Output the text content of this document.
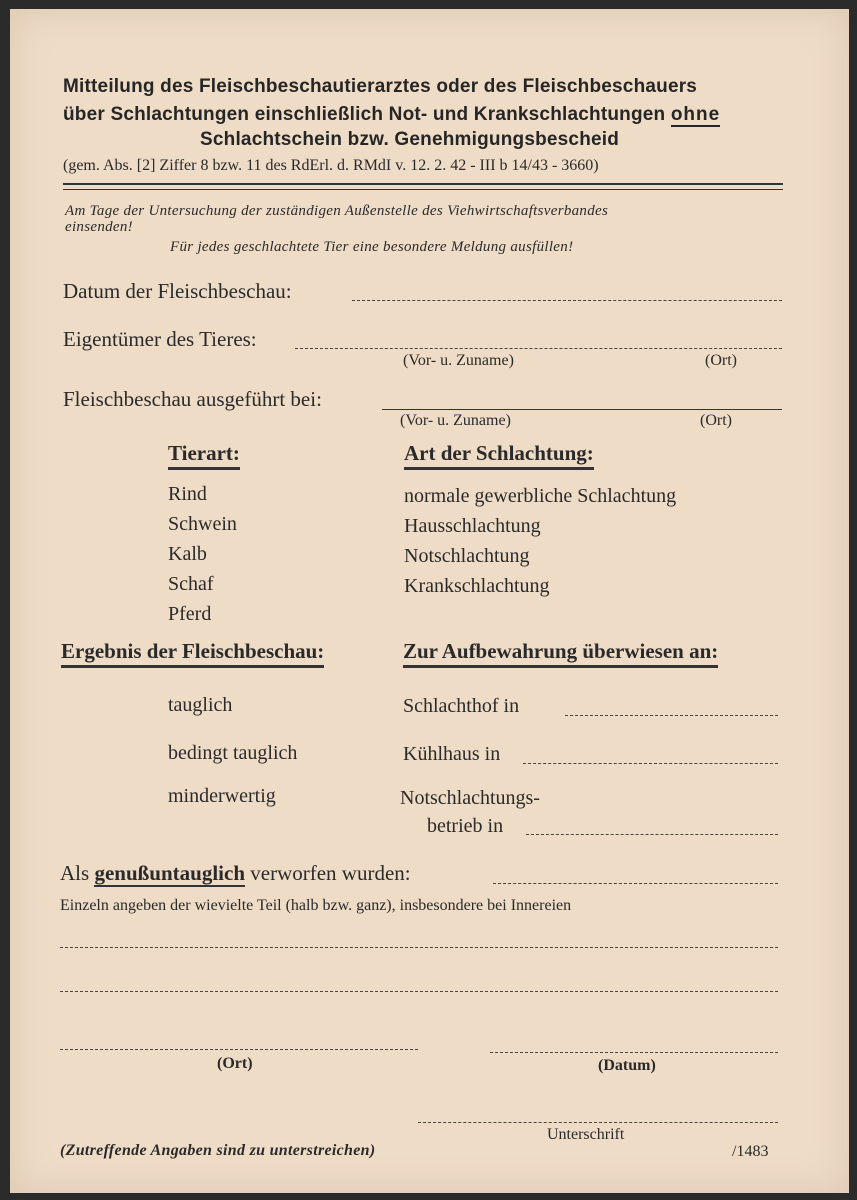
Mitteilung des Fleischbeschautierarztes oder des Fleischbeschauers
über Schlachtungen einschließlich Not- und Krankschlachtungen ohne
Schlachtschein bzw. Genehmigungsbescheid
(gem. Abs. [2] Ziffer 8 bzw. 11 des RdErl. d. RMdI v. 12. 2. 42 - III b 14/43 - 3660)
Am Tage der Untersuchung der zuständigen Außenstelle des Viehwirtschaftsverbandes
einsenden!
Für jedes geschlachtete Tier eine besondere Meldung ausfüllen!
Datum der Fleischbeschau:
Eigentümer des Tieres:
(Vor- u. Zuname)	(Ort)
Fleischbeschau ausgeführt bei:
(Vor- u. Zuname)	(Ort)
Tierart:
Rind
Schwein
Kalb
Schaf
Pferd
Art der Schlachtung:
normale gewerbliche Schlachtung
Hausschlachtung
Notschlachtung
Krankschlachtung
Ergebnis der Fleischbeschau:
tauglich
bedingt tauglich
minderwertig
Zur Aufbewahrung überwiesen an:
Schlachthof in
Kühlhaus in
Notschlachtungs-
betrieb in
Als genußuntauglich verworfen wurden:
Einzeln angeben der wievielte Teil (halb bzw. ganz), insbesondere bei Innereien
(Ort)	(Datum)
Unterschrift
(Zutreffende Angaben sind zu unterstreichen)	/1483
